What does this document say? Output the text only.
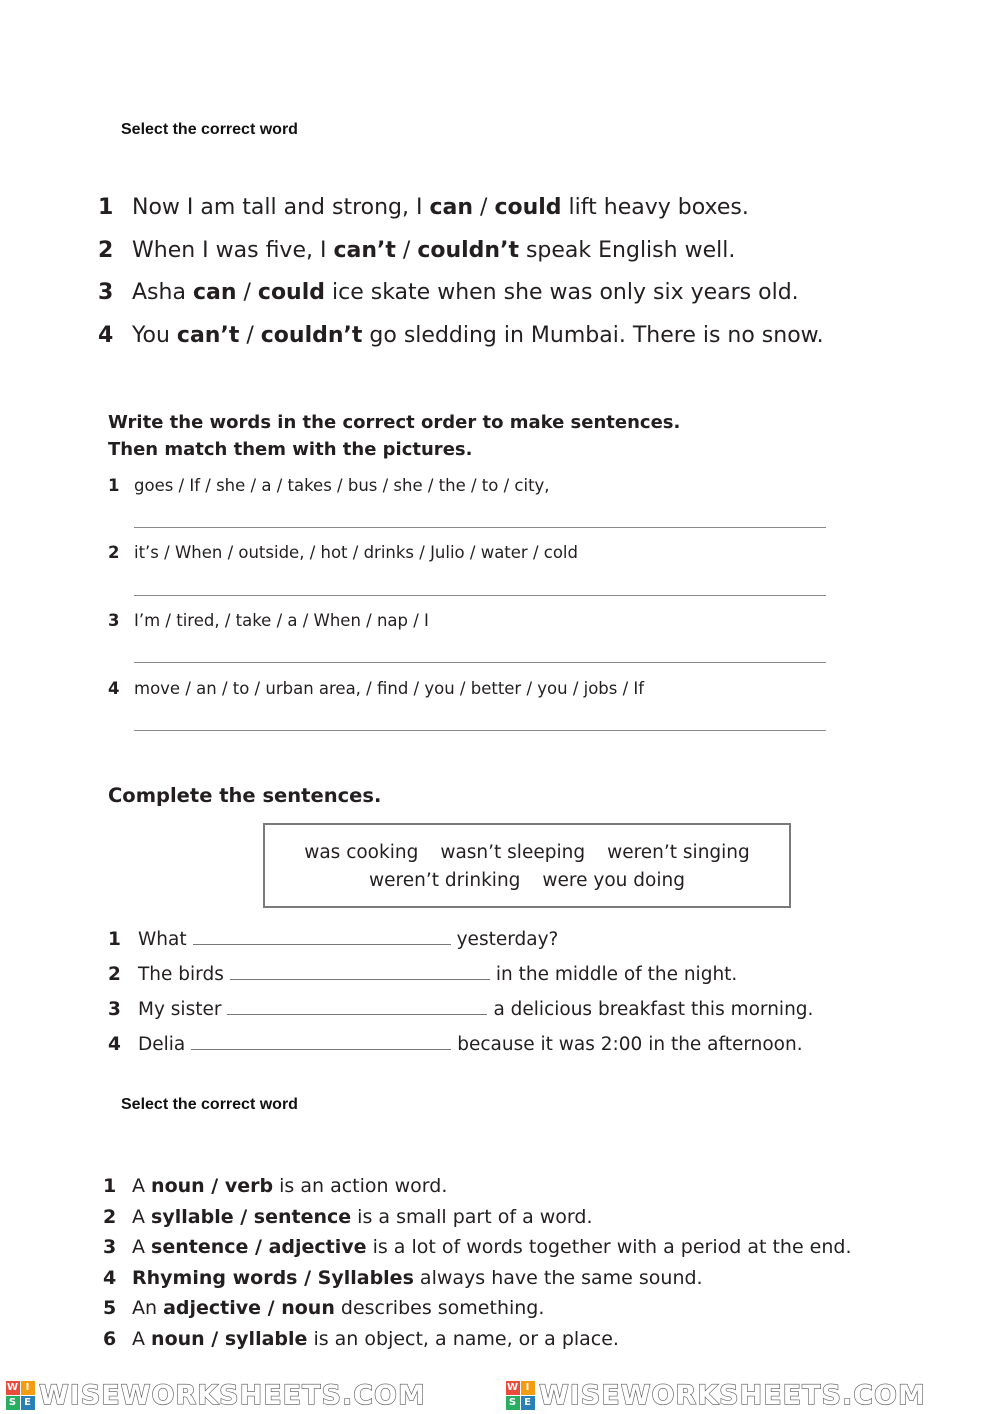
Select the correct word
1 Now I am tall and strong, I can / could lift heavy boxes.
2 When I was five, I can’t / couldn’t speak English well.
3 Asha can / could ice skate when she was only six years old.
4 You can’t / couldn’t go sledding in Mumbai. There is no snow.
Write the words in the correct order to make sentences.
Then match them with the pictures.
1 goes / If / she / a / takes / bus / she / the / to / city,
2 it’s / When / outside, / hot / drinks / Julio / water / cold
3 I’m / tired, / take / a / When / nap / I
4 move / an / to / urban area, / find / you / better / you / jobs / If
Complete the sentences.
was cooking wasn’t sleeping weren’t singing
weren’t drinking were you doing
1 What	yesterday?
2 The birds	in the middle of the night.
3 My sister	a delicious breakfast this morning.
4 Delia	because it was 2:00 in the afternoon.
Select the correct word
1 A noun / verb is an action word.
2 A syllable / sentence is a small part of a word.
3 A sentence / adjective is a lot of words together with a period at the end.
4 Rhyming words / Syllables always have the same sound.
5 An adjective / noun describes something.
6 A noun / syllable is an object, a name, or a place.
W I
S E WISEWORKSHEETS.COM	W I
S E WISEWORKSHEETS.COM
